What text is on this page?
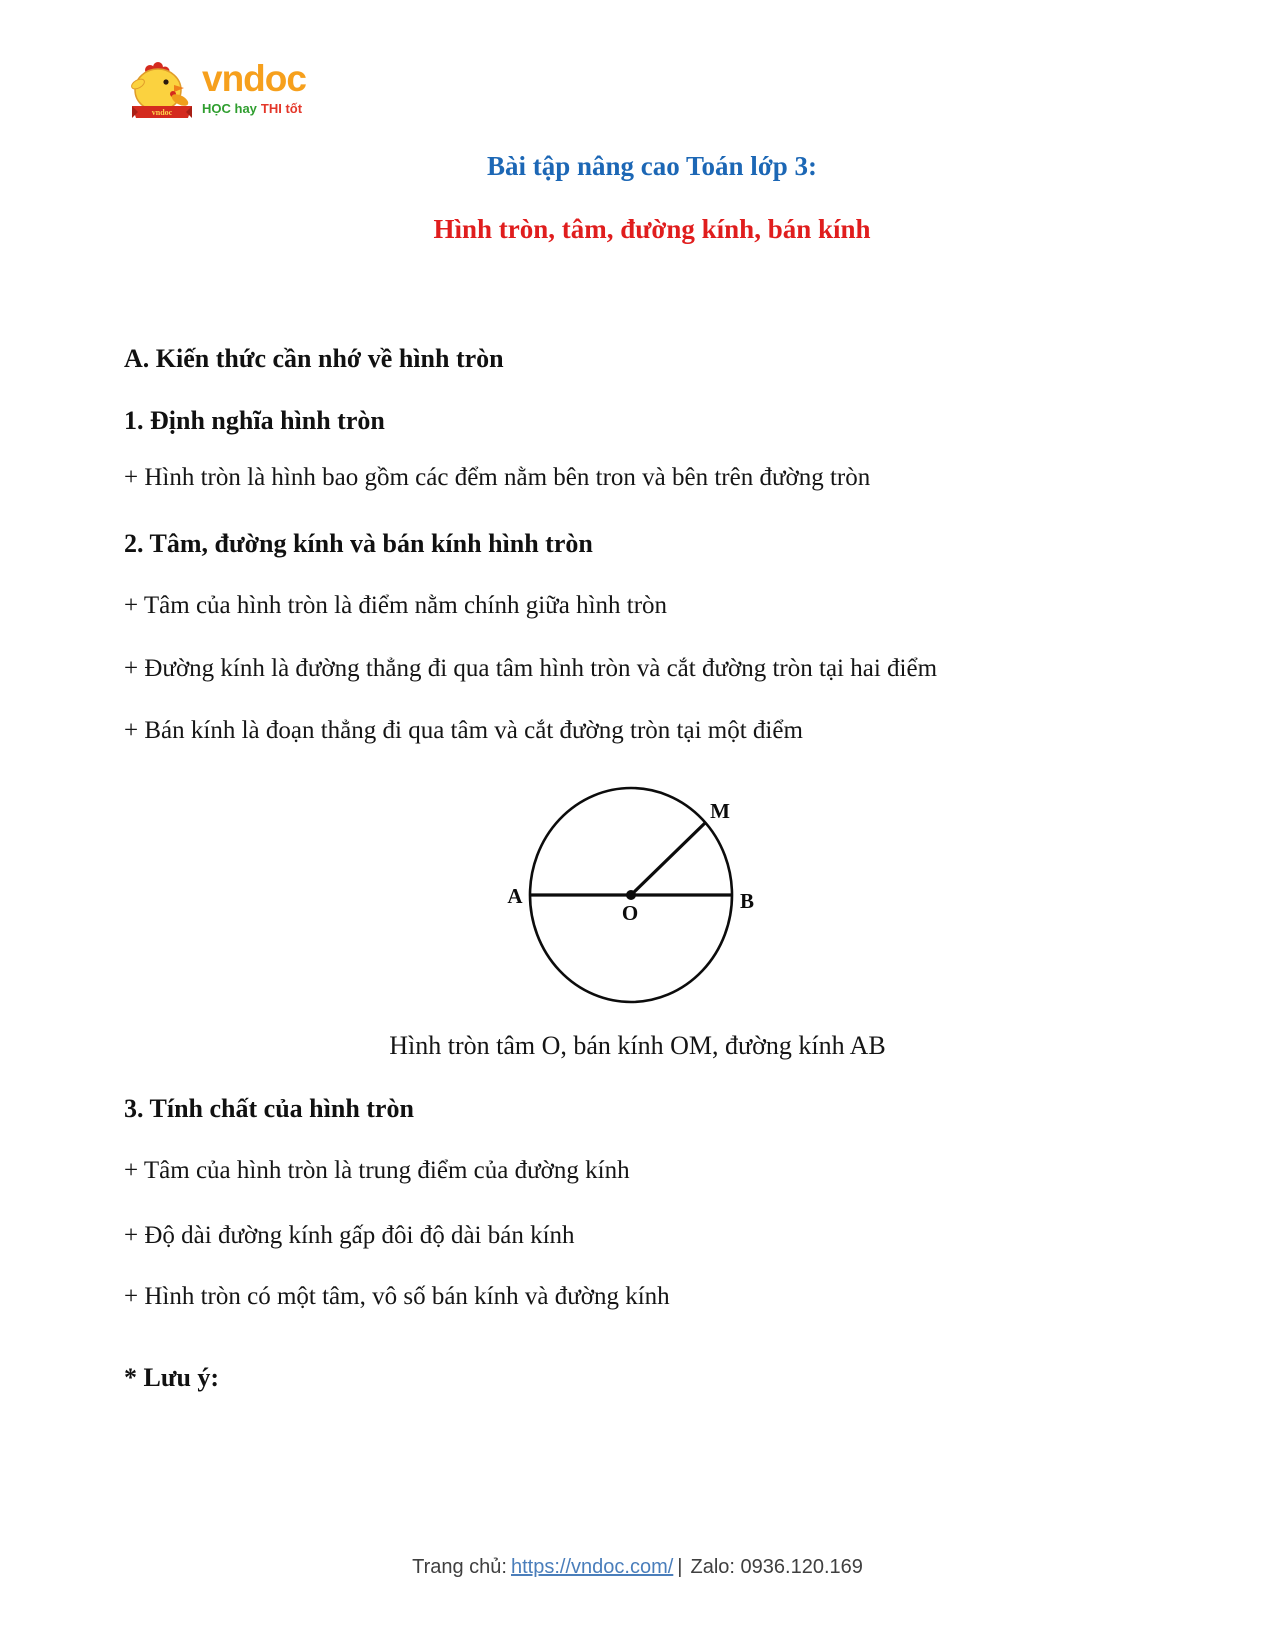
vndoc
vndoc
HỌC hay THI tốt
Bài tập nâng cao Toán lớp 3:
Hình tròn, tâm, đường kính, bán kính
A. Kiến thức cần nhớ về hình tròn
1. Định nghĩa hình tròn
+ Hình tròn là hình bao gồm các đểm nằm bên tron và bên trên đường tròn
2. Tâm, đường kính và bán kính hình tròn
+ Tâm của hình tròn là điểm nằm chính giữa hình tròn
+ Đường kính là đường thẳng đi qua tâm hình tròn và cắt đường tròn tại hai điểm
+ Bán kính là đoạn thẳng đi qua tâm và cắt đường tròn tại một điểm
A	B
M
O
Hình tròn tâm O, bán kính OM, đường kính AB
3. Tính chất của hình tròn
+ Tâm của hình tròn là trung điểm của đường kính
+ Độ dài đường kính gấp đôi độ dài bán kính
+ Hình tròn có một tâm, vô số bán kính và đường kính
* Lưu ý:
Trang chủ: https://vndoc.com/ | Zalo: 0936.120.169
